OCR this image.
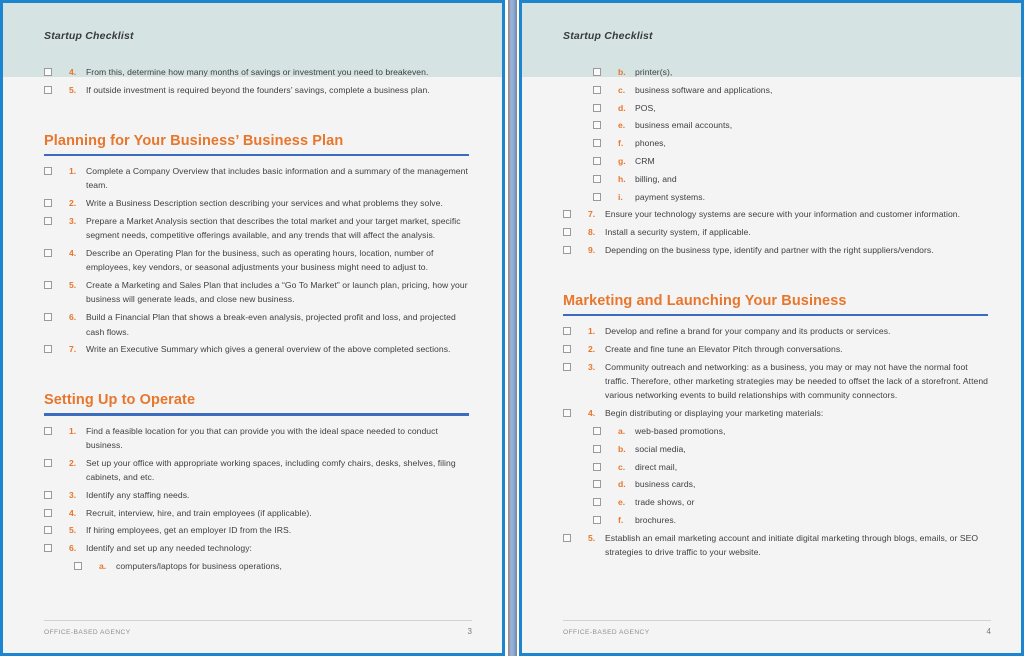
Startup Checklist
4.	From this, determine how many months of savings or investment you need to breakeven.
5.	If outside investment is required beyond the founders’ savings, complete a business plan.
Planning for Your Business’ Business Plan
1.	Complete a Company Overview that includes basic information and a summary of the management team.
2.	Write a Business Description section describing your services and what problems they solve.
3.	Prepare a Market Analysis section that describes the total market and your target market, specific segment needs, competitive offerings available, and any trends that will affect the analysis.
4.	Describe an Operating Plan for the business, such as operating hours, location, number of employees, key vendors, or seasonal adjustments your business might need to adjust to.
5.	Create a Marketing and Sales Plan that includes a “Go To Market” or launch plan, pricing, how your business will generate leads, and close new business.
6.	Build a Financial Plan that shows a break-even analysis, projected profit and loss, and projected cash flows.
7.	Write an Executive Summary which gives a general overview of the above completed sections.
Setting Up to Operate
1.	Find a feasible location for you that can provide you with the ideal space needed to conduct business.
2.	Set up your office with appropriate working spaces, including comfy chairs, desks, shelves, filing cabinets, and etc.
3.	Identify any staffing needs.
4.	Recruit, interview, hire, and train employees (if applicable).
5.	If hiring employees, get an employer ID from the IRS.
6.	Identify and set up any needed technology:
a.	computers/laptops for business operations,
OFFICE-BASED AGENCY	3
Startup Checklist
b.	printer(s),
c.	business software and applications,
d.	POS,
e.	business email accounts,
f.	phones,
g.	CRM
h.	billing, and
i.	payment systems.
7.	Ensure your technology systems are secure with your information and customer information.
8.	Install a security system, if applicable.
9.	Depending on the business type, identify and partner with the right suppliers/vendors.
Marketing and Launching Your Business
1.	Develop and refine a brand for your company and its products or services.
2.	Create and fine tune an Elevator Pitch through conversations.
3.	Community outreach and networking: as a business, you may or may not have the normal foot traffic. Therefore, other marketing strategies may be needed to offset the lack of a storefront. Attend various networking events to build relationships with community connectors.
4.	Begin distributing or displaying your marketing materials:
a.	web-based promotions,
b.	social media,
c.	direct mail,
d.	business cards,
e.	trade shows, or
f.	brochures.
5.	Establish an email marketing account and initiate digital marketing through blogs, emails, or SEO strategies to drive traffic to your website.
OFFICE-BASED AGENCY	4
